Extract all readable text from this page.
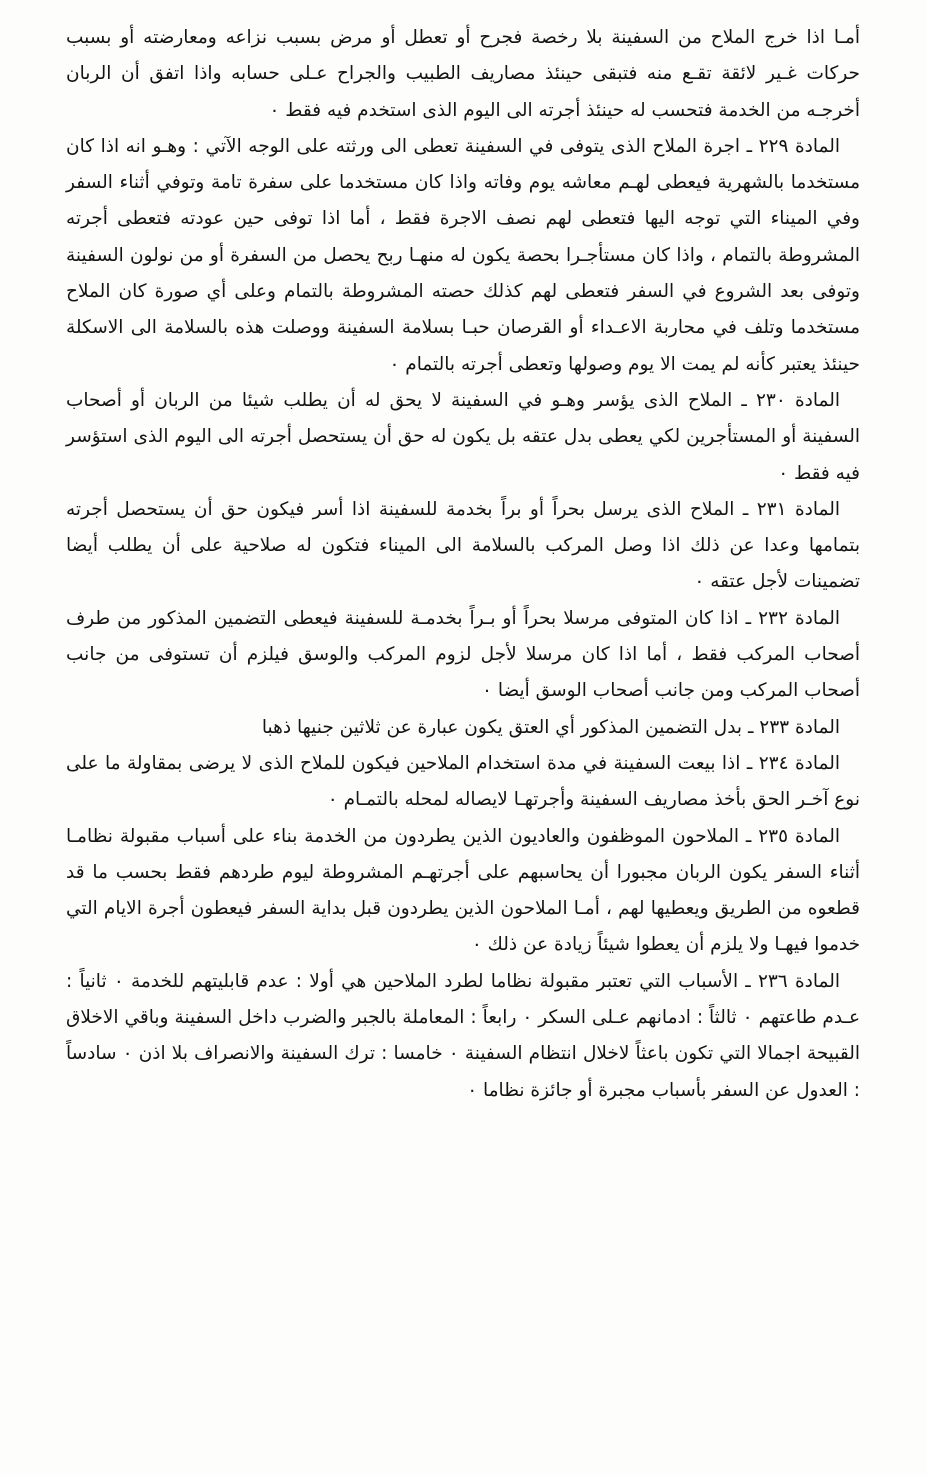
أمـا اذا خرج الملاح من السفينة بلا رخصة فجرح أو تعطل أو مرض بسبب نزاعه ومعارضته أو بسبب حركات غـير لائقة تقـع منه فتبقى حينئذ مصاريف الطبيب والجراح عـلى حسابه واذا اتفق أن الربان أخرجـه من الخدمة فتحسب له حينئذ أجرته الى اليوم الذى استخدم فيه فقط ٠

المادة ٢٢٩ ـ اجرة الملاح الذى يتوفى في السفينة تعطى الى ورثته على الوجه الآتي : وهـو انه اذا كان مستخدما بالشهرية فيعطى لهـم معاشه يوم وفاته واذا كان مستخدما على سفرة تامة وتوفي أثناء السفر وفي الميناء التي توجه اليها فتعطى لهم نصف الاجرة فقط ، أما اذا توفى حين عودته فتعطى أجرته المشروطة بالتمام ، واذا كان مستأجـرا بحصة يكون له منهـا ربح يحصل من السفرة أو من نولون السفينة وتوفى بعد الشروع في السفر فتعطى لهم كذلك حصته المشروطة بالتمام وعلى أي صورة كان الملاح مستخدما وتلف في محاربة الاعـداء أو القرصان حبـا بسلامة السفينة ووصلت هذه بالسلامة الى الاسكلة حينئذ يعتبر كأنه لم يمت الا يوم وصولها وتعطى أجرته بالتمام ٠

المادة ٢٣٠ ـ الملاح الذى يؤسر وهـو في السفينة لا يحق له أن يطلب شيئا من الربان أو أصحاب السفينة أو المستأجرين لكي يعطى بدل عتقه بل يكون له حق أن يستحصل أجرته الى اليوم الذى استؤسر فيه فقط ٠

المادة ٢٣١ ـ الملاح الذى يرسل بحراً أو براً بخدمة للسفينة اذا أسر فيكون حق أن يستحصل أجرته بتمامها وعدا عن ذلك اذا وصل المركب بالسلامة الى الميناء فتكون له صلاحية على أن يطلب أيضا تضمينات لأجل عتقه ٠

المادة ٢٣٢ ـ اذا كان المتوفى مرسلا بحراً أو بـراً بخدمـة للسفينة فيعطى التضمين المذكور من طرف أصحاب المركب فقط ، أما اذا كان مرسلا لأجل لزوم المركب والوسق فيلزم أن تستوفى من جانب أصحاب المركب ومن جانب أصحاب الوسق أيضا ٠

المادة ٢٣٣ ـ بدل التضمين المذكور أي العتق يكون عبارة عن ثلاثين جنيها ذهبا

المادة ٢٣٤ ـ اذا بيعت السفينة في مدة استخدام الملاحين فيكون للملاح الذى لا يرضى بمقاولة ما على نوع آخـر الحق بأخذ مصاريف السفينة وأجرتهـا لايصاله لمحله بالتمـام ٠

المادة ٢٣٥ ـ الملاحون الموظفون والعاديون الذين يطردون من الخدمة بناء على أسباب مقبولة نظامـا أثناء السفر يكون الربان مجبورا أن يحاسبهم على أجرتهـم المشروطة ليوم طردهم فقط بحسب ما قد قطعوه من الطريق ويعطيها لهم ، أمـا الملاحون الذين يطردون قبل بداية السفر فيعطون أجرة الايام التي خدموا فيهـا ولا يلزم أن يعطوا شيئاً زيادة عن ذلك ٠

المادة ٢٣٦ ـ الأسباب التي تعتبر مقبولة نظاما لطرد الملاحين هي أولا : عدم قابليتهم للخدمة ٠ ثانياً : عـدم طاعتهم ٠ ثالثاً : ادمانهم عـلى السكر ٠ رابعاً : المعاملة بالجبر والضرب داخل السفينة وباقي الاخلاق القبيحة اجمالا التي تكون باعثاً لاخلال انتظام السفينة ٠ خامسا : ترك السفينة والانصراف بلا اذن ٠ سادساً : العدول عن السفر بأسباب مجبرة أو جائزة نظاما ٠
